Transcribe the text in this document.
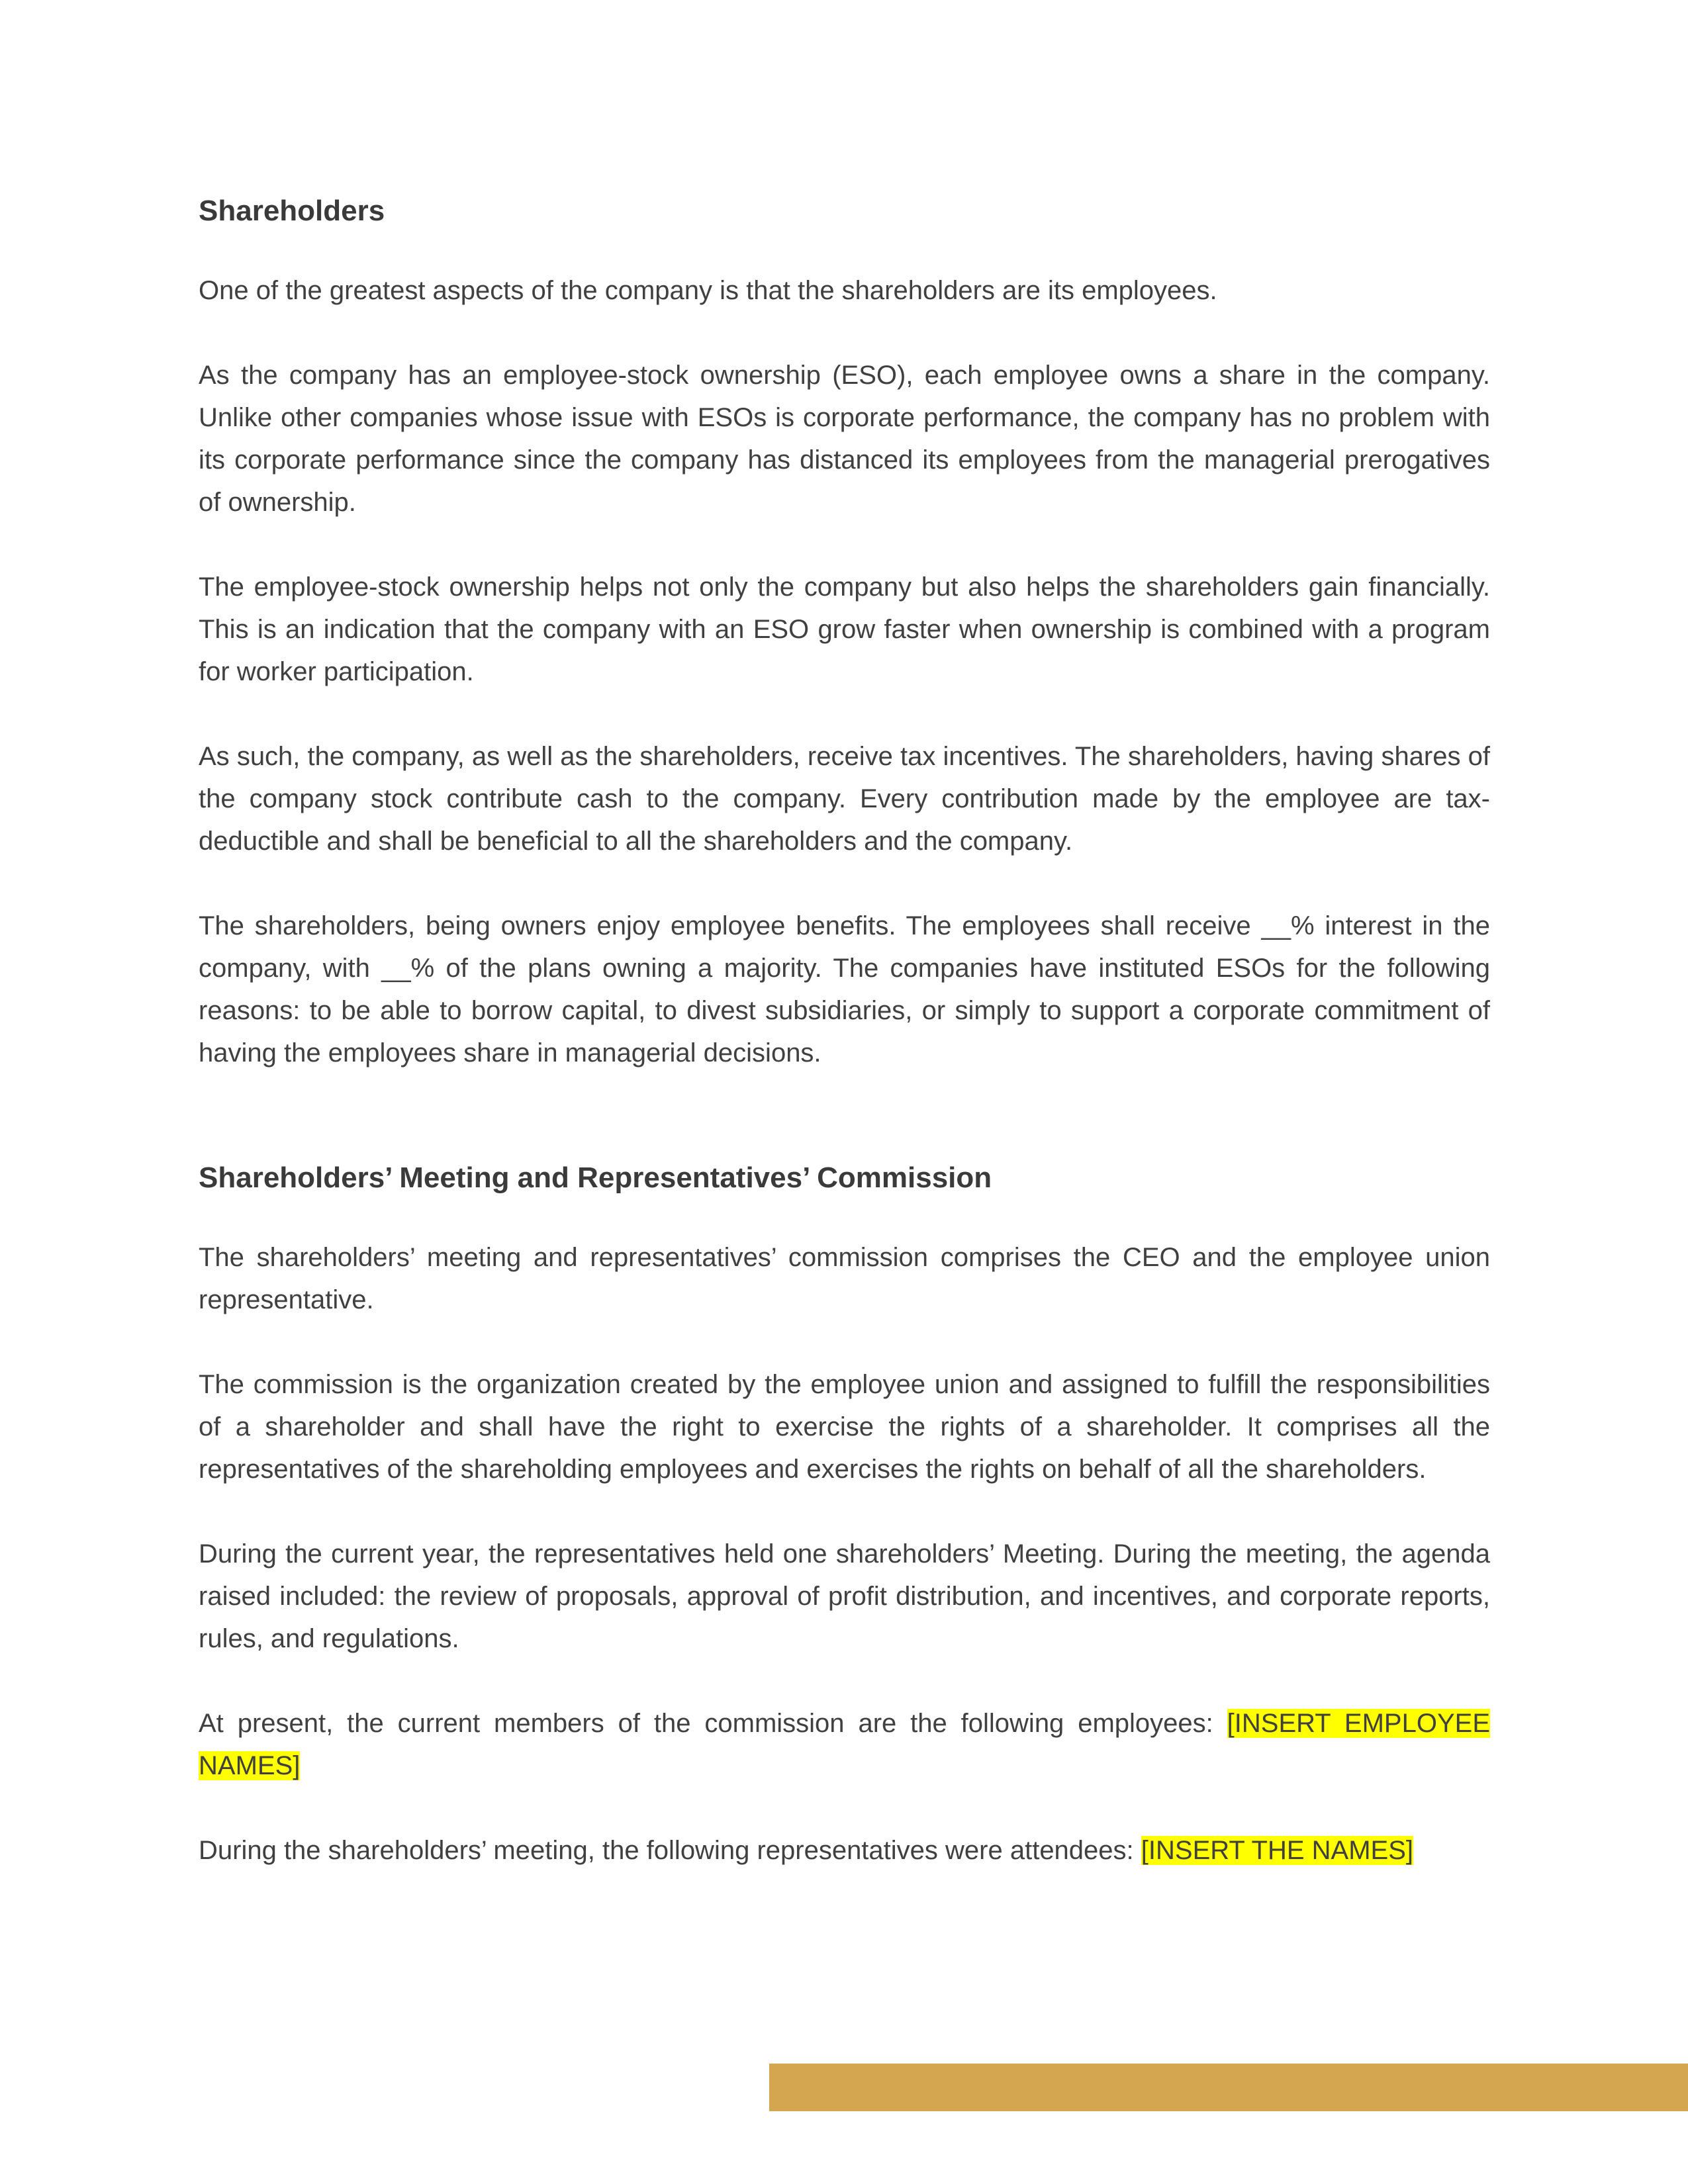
Shareholders

One of the greatest aspects of the company is that the shareholders are its employees.

As the company has an employee-stock ownership (ESO), each employee owns a share in the company. Unlike other companies whose issue with ESOs is corporate performance, the company has no problem with its corporate performance since the company has distanced its employees from the managerial prerogatives of ownership.

The employee-stock ownership helps not only the company but also helps the shareholders gain financially. This is an indication that the company with an ESO grow faster when ownership is combined with a program for worker participation.

As such, the company, as well as the shareholders, receive tax incentives. The shareholders, having shares of the company stock contribute cash to the company. Every contribution made by the employee are tax-deductible and shall be beneficial to all the shareholders and the company.

The shareholders, being owners enjoy employee benefits. The employees shall receive __% interest in the company, with __% of the plans owning a majority. The companies have instituted ESOs for the following reasons: to be able to borrow capital, to divest subsidiaries, or simply to support a corporate commitment of having the employees share in managerial decisions.

Shareholders’ Meeting and Representatives’ Commission

The shareholders’ meeting and representatives’ commission comprises the CEO and the employee union representative.

The commission is the organization created by the employee union and assigned to fulfill the responsibilities of a shareholder and shall have the right to exercise the rights of a shareholder. It comprises all the representatives of the shareholding employees and exercises the rights on behalf of all the shareholders.

During the current year, the representatives held one shareholders’ Meeting. During the meeting, the agenda raised included: the review of proposals, approval of profit distribution, and incentives, and corporate reports, rules, and regulations.

At present, the current members of the commission are the following employees: [INSERT EMPLOYEE NAMES]

During the shareholders’ meeting, the following representatives were attendees: [INSERT THE NAMES]
